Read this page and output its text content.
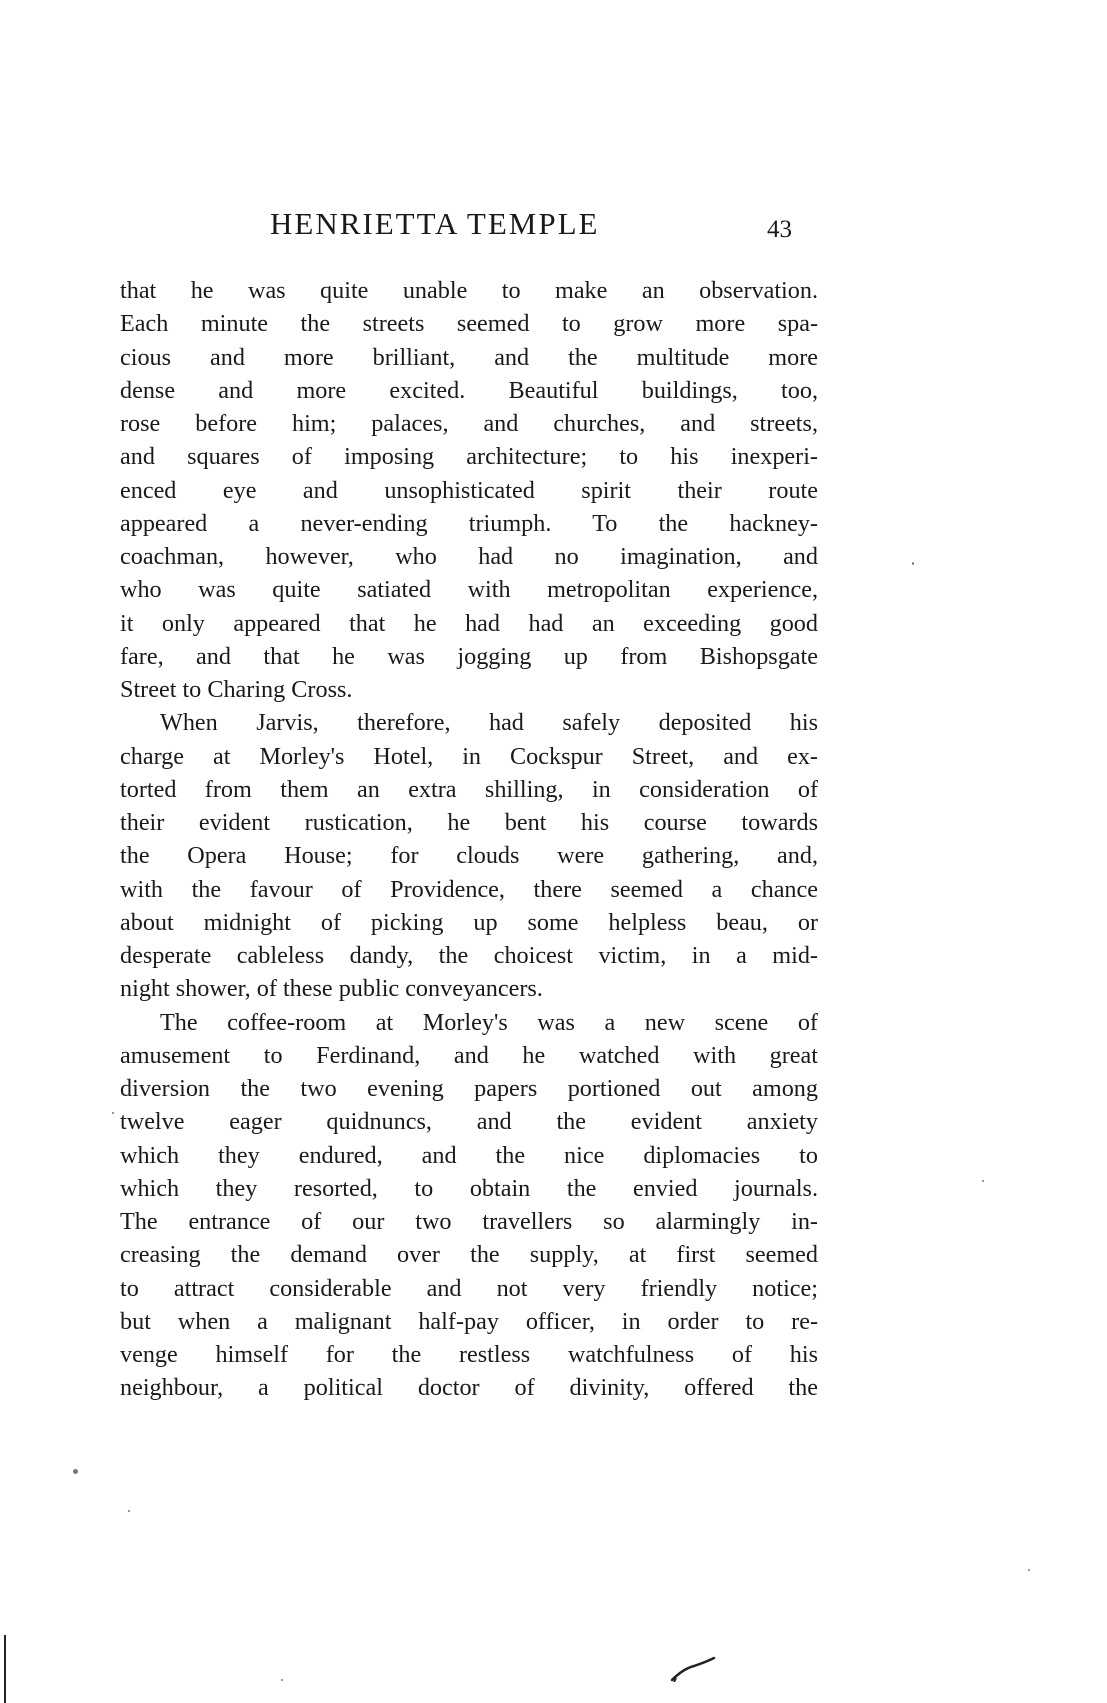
HENRIETTA TEMPLE	43
that he was quite unable to make an observation.
Each minute the streets seemed to grow more spa-
cious and more brilliant, and the multitude more
dense and more excited. Beautiful buildings, too,
rose before him; palaces, and churches, and streets,
and squares of imposing architecture; to his inexperi-
enced eye and unsophisticated spirit their route
appeared a never-ending triumph. To the hackney-
coachman, however, who had no imagination, and
who was quite satiated with metropolitan experience,
it only appeared that he had had an exceeding good
fare, and that he was jogging up from Bishopsgate
Street to Charing Cross.
When Jarvis, therefore, had safely deposited his
charge at Morley's Hotel, in Cockspur Street, and ex-
torted from them an extra shilling, in consideration of
their evident rustication, he bent his course towards
the Opera House; for clouds were gathering, and,
with the favour of Providence, there seemed a chance
about midnight of picking up some helpless beau, or
desperate cableless dandy, the choicest victim, in a mid-
night shower, of these public conveyancers.
The coffee-room at Morley's was a new scene of
amusement to Ferdinand, and he watched with great
diversion the two evening papers portioned out among
twelve eager quidnuncs, and the evident anxiety
which they endured, and the nice diplomacies to
which they resorted, to obtain the envied journals.
The entrance of our two travellers so alarmingly in-
creasing the demand over the supply, at first seemed
to attract considerable and not very friendly notice;
but when a malignant half-pay officer, in order to re-
venge himself for the restless watchfulness of his
neighbour, a political doctor of divinity, offered the
